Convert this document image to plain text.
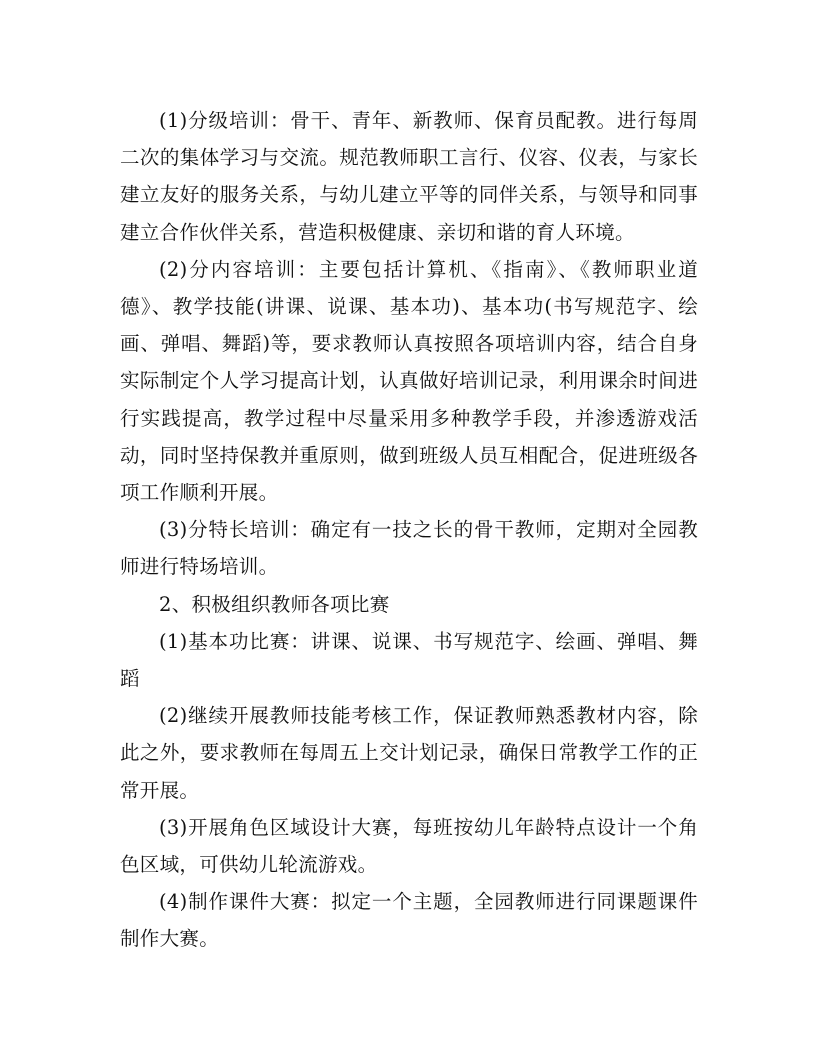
(1)分级培训：骨干、青年、新教师、保育员配教。进行每周二次的集体学习与交流。规范教师职工言行、仪容、仪表，与家长建立友好的服务关系，与幼儿建立平等的同伴关系，与领导和同事建立合作伙伴关系，营造积极健康、亲切和谐的育人环境。

(2)分内容培训：主要包括计算机、《指南》、《教师职业道德》、教学技能(讲课、说课、基本功)、基本功(书写规范字、绘画、弹唱、舞蹈)等，要求教师认真按照各项培训内容，结合自身实际制定个人学习提高计划，认真做好培训记录，利用课余时间进行实践提高，教学过程中尽量采用多种教学手段，并渗透游戏活动，同时坚持保教并重原则，做到班级人员互相配合，促进班级各项工作顺利开展。

(3)分特长培训：确定有一技之长的骨干教师，定期对全园教师进行特场培训。

2、积极组织教师各项比赛

(1)基本功比赛：讲课、说课、书写规范字、绘画、弹唱、舞蹈

(2)继续开展教师技能考核工作，保证教师熟悉教材内容，除此之外，要求教师在每周五上交计划记录，确保日常教学工作的正常开展。

(3)开展角色区域设计大赛，每班按幼儿年龄特点设计一个角色区域，可供幼儿轮流游戏。

(4)制作课件大赛：拟定一个主题，全园教师进行同课题课件制作大赛。
